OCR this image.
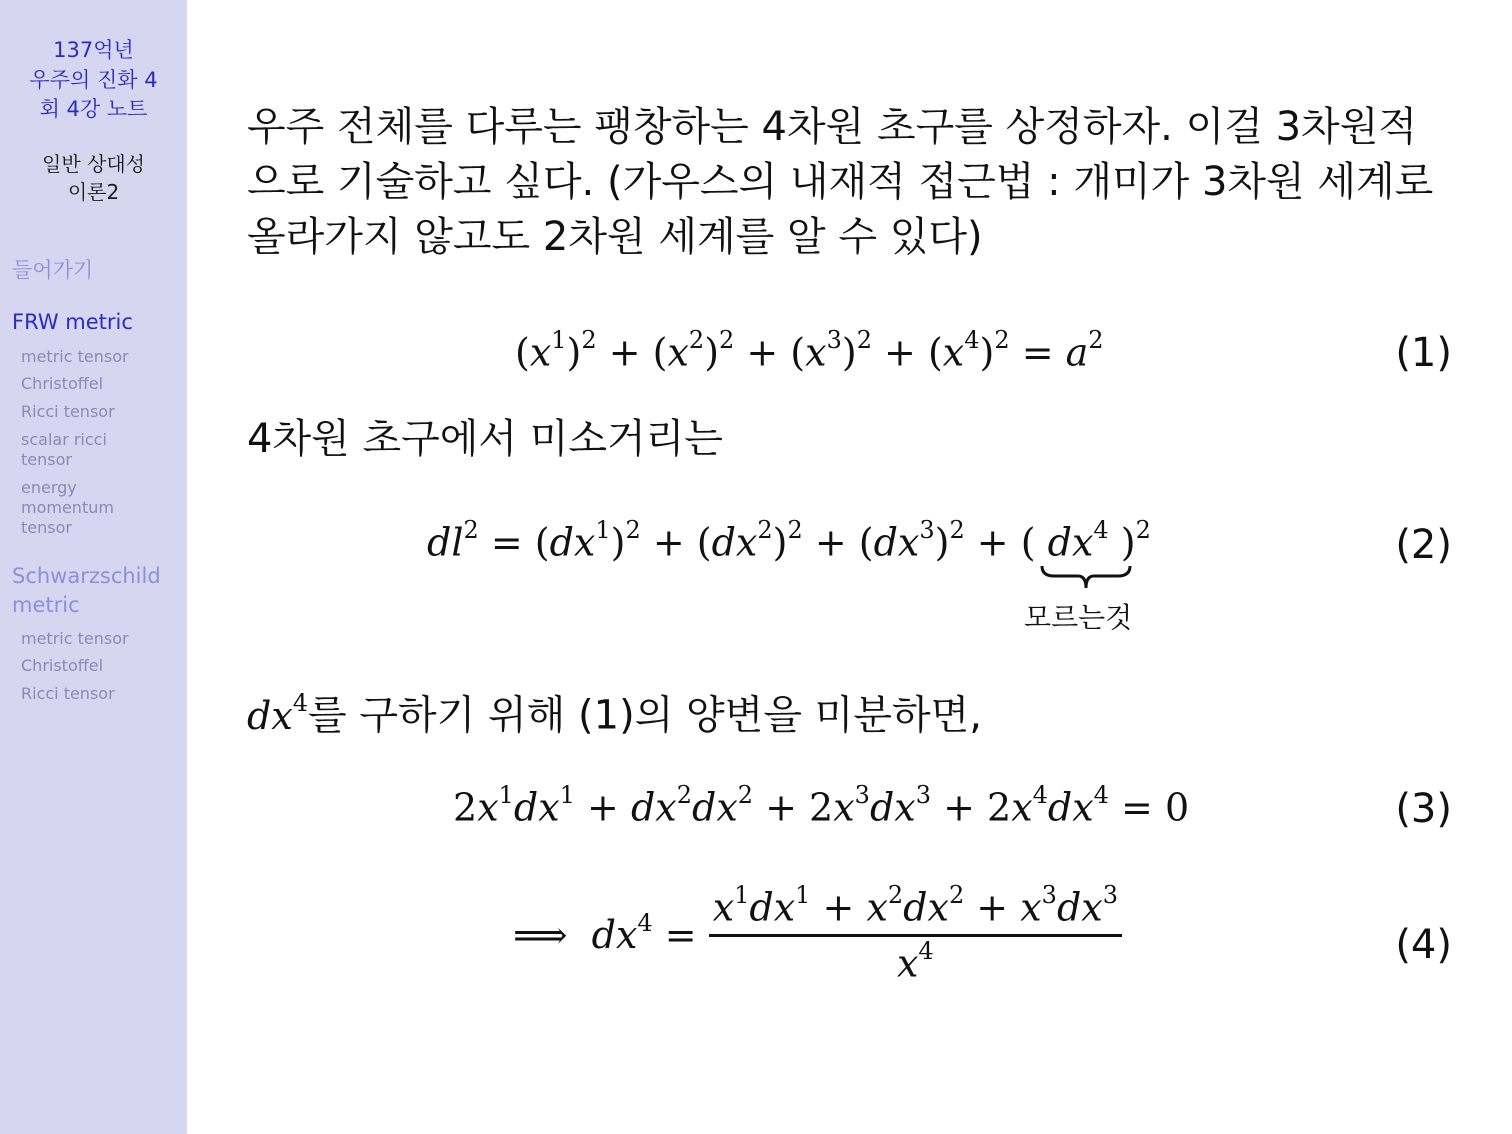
137억년
우주의 진화 4
회 4강 노트
일반 상대성
이론2
들어가기
FRW metric
metric tensor
Christoffel
Ricci tensor
scalar ricci tensor
energy momentum tensor
Schwarzschild metric
metric tensor
Christoffel
Ricci tensor
우주 전체를 다루는 팽창하는 4차원 초구를 상정하자. 이걸 3차원적으로 기술하고 싶다. (가우스의 내재적 접근법 : 개미가 3차원 세계로 올라가지 않고도 2차원 세계를 알 수 있다)
$(x^1)^2 + (x^2)^2 + (x^3)^2 + (x^4)^2 = a^2$	(1)
4차원 초구에서 미소거리는
$dl^2 = (dx^1)^2 + (dx^2)^2 + (dx^3)^2$ + ( $dx^4$
모르는것
)$^2$	(2)
$dx^4$를 구하기 위해 (1)의 양변을 미분하면,
$2x^1dx^1 + dx^2dx^2 + 2x^3dx^3 + 2x^4dx^4 = 0$	(3)
⟹  $dx^4 = \frac{x^1dx^1 + x^2dx^2 + x^3dx^3}{x^4}$	(4)
